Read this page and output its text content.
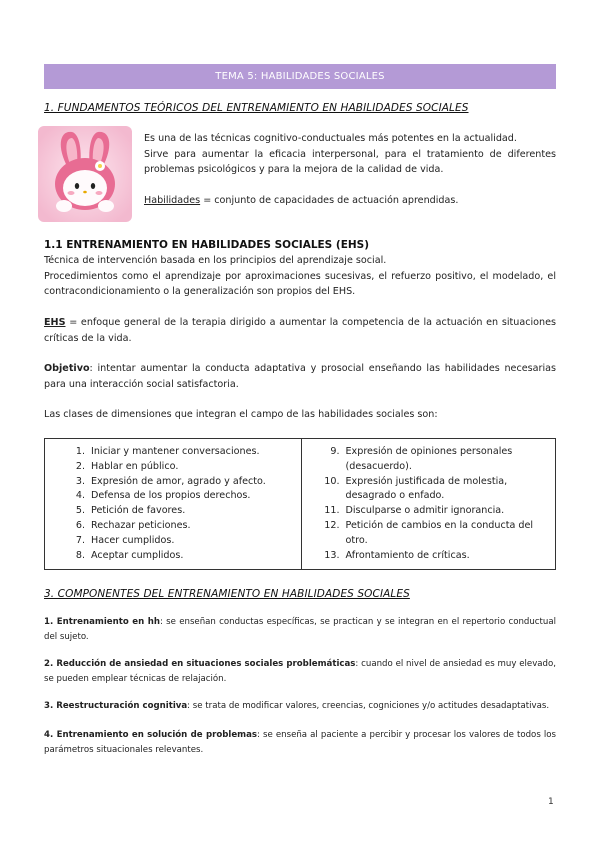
TEMA 5: HABILIDADES SOCIALES
1. FUNDAMENTOS TEÓRICOS DEL ENTRENAMIENTO EN HABILIDADES SOCIALES
Es una de las técnicas cognitivo-conductuales más potentes en la actualidad.
Sirve para aumentar la eficacia interpersonal, para el tratamiento de diferentes problemas psicológicos y para la mejora de la calidad de vida.
Habilidades = conjunto de capacidades de actuación aprendidas.
1.1 ENTRENAMIENTO EN HABILIDADES SOCIALES (EHS)
Técnica de intervención basada en los principios del aprendizaje social.
Procedimientos como el aprendizaje por aproximaciones sucesivas, el refuerzo positivo, el modelado, el contracondicionamiento o la generalización son propios del EHS.
EHS = enfoque general de la terapia dirigido a aumentar la competencia de la actuación en situaciones críticas de la vida.
Objetivo: intentar aumentar la conducta adaptativa y prosocial enseñando las habilidades necesarias para una interacción social satisfactoria.
Las clases de dimensiones que integran el campo de las habilidades sociales son:
1. Iniciar y mantener conversaciones.
2. Hablar en público.
3. Expresión de amor, agrado y afecto.
4. Defensa de los propios derechos.
5. Petición de favores.
6. Rechazar peticiones.
7. Hacer cumplidos.
8. Aceptar cumplidos.
9. Expresión de opiniones personales (desacuerdo).
10. Expresión justificada de molestia, desagrado o enfado.
11. Disculparse o admitir ignorancia.
12. Petición de cambios en la conducta del otro.
13. Afrontamiento de críticas.
3. COMPONENTES DEL ENTRENAMIENTO EN HABILIDADES SOCIALES
1. Entrenamiento en hh: se enseñan conductas específicas, se practican y se integran en el repertorio conductual del sujeto.
2. Reducción de ansiedad en situaciones sociales problemáticas: cuando el nivel de ansiedad es muy elevado, se pueden emplear técnicas de relajación.
3. Reestructuración cognitiva: se trata de modificar valores, creencias, cogniciones y/o actitudes desadaptativas.
4. Entrenamiento en solución de problemas: se enseña al paciente a percibir y procesar los valores de todos los parámetros situacionales relevantes.
1
